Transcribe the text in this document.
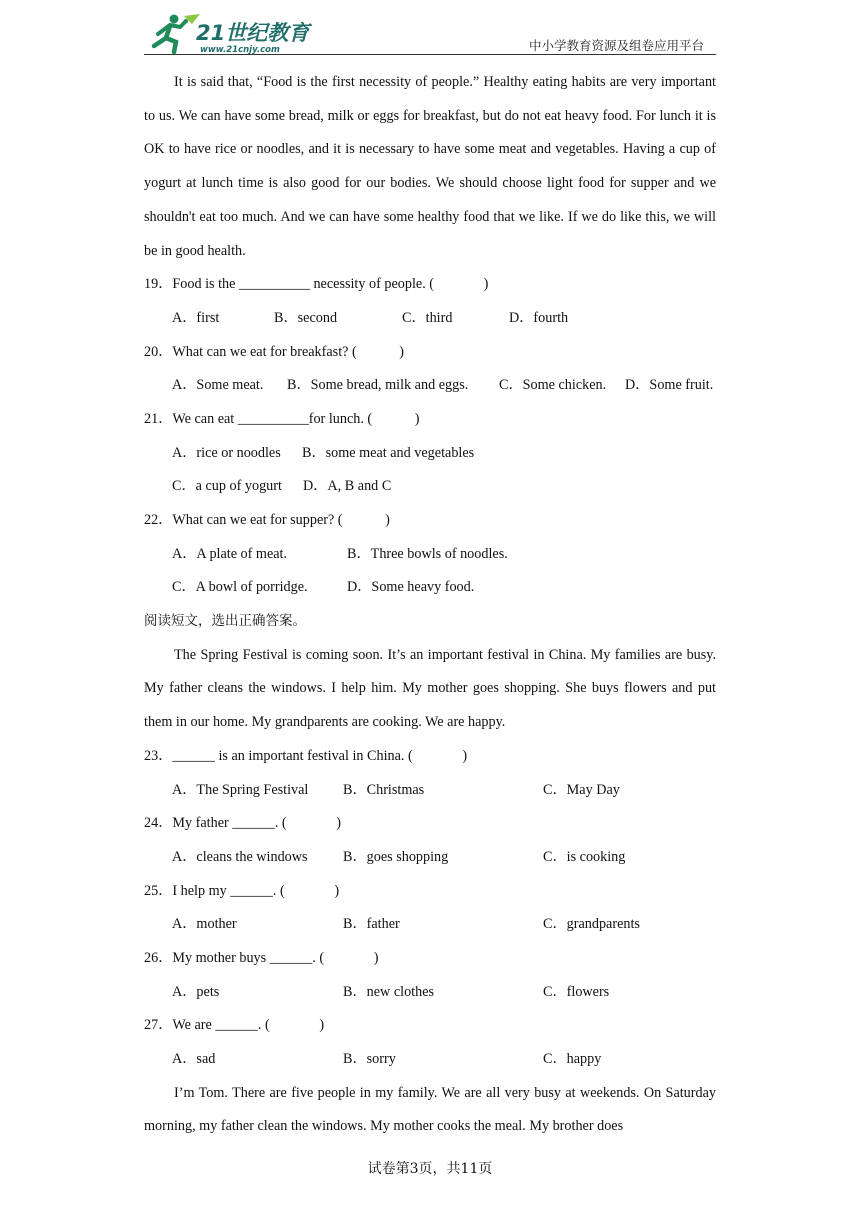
21世纪教育
www.21cnjy.com	中小学教育资源及组卷应用平台

It is said that, “Food is the first necessity of people.” Healthy eating habits are very important to us. We can have some bread, milk or eggs for breakfast, but do not eat heavy food. For lunch it is OK to have rice or noodles, and it is necessary to have some meat and vegetables. Having a cup of yogurt at lunch time is also good for our bodies. We should choose light food for supper and we shouldn't eat too much. And we can have some healthy food that we like. If we do like this, we will be in good health.

19．Food is the __________ necessity of people. (              )

A．first

	B．second

	C．third

	D．fourth

20．What can we eat for breakfast? (            )

A．Some meat.

B．Some bread, milk and eggs.

C．Some chicken.

D．Some fruit.

21．We can eat __________for lunch. (            )

A．rice or noodles

B．some meat and vegetables

C．a cup of yogurt

D．A, B and C

22．What can we eat for supper? (            )

A．A plate of meat.

	B．Three bowls of noodles.

C．A bowl of porridge.

	D．Some heavy food.

阅读短文，选出正确答案。

The Spring Festival is coming soon. It’s an important festival in China. My families are busy. My father cleans the windows. I help him. My mother goes shopping. She buys flowers and put them in our home. My grandparents are cooking. We are happy.

23．______ is an important festival in China. (              )

A．The Spring Festival

B．Christmas

	C．May Day

24．My father ______. (              )

A．cleans the windows

B．goes shopping

	C．is cooking

25．I help my ______. (              )

A．mother

	B．father

	C．grandparents

26．My mother buys ______. (              )

A．pets

	B．new clothes

	C．flowers

27．We are ______. (              )

A．sad

	B．sorry

	C．happy

I’m Tom. There are five people in my family. We are all very busy at weekends. On Saturday morning, my father clean the windows. My mother cooks the meal. My brother does

试卷第3页，共11页
